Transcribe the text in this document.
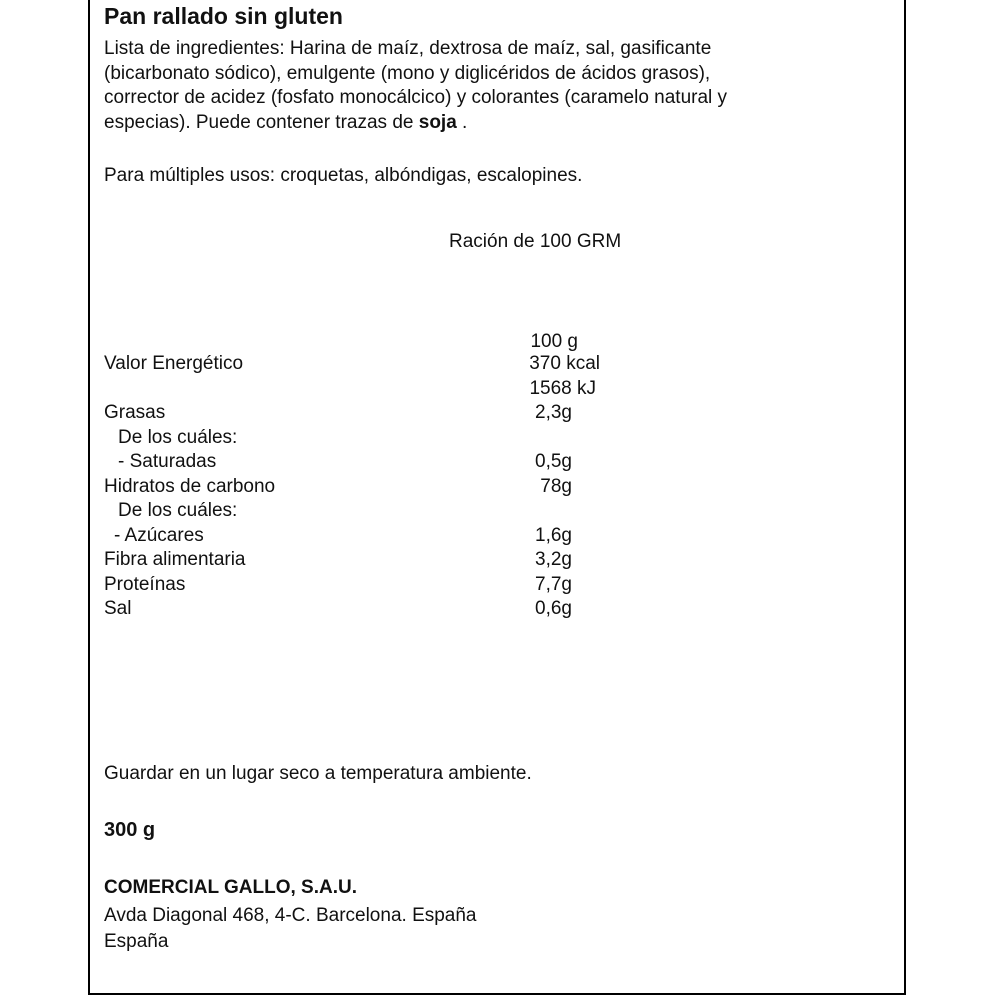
Pan rallado sin gluten
Lista de ingredientes: Harina de maíz, dextrosa de maíz, sal, gasificante
(bicarbonato sódico), emulgente (mono y diglicéridos de ácidos grasos),
corrector de acidez (fosfato monocálcico) y colorantes (caramelo natural y
especias). Puede contener trazas de soja .
Para múltiples usos: croquetas, albóndigas, escalopines.
Ración de 100 GRM
100 g
Valor Energético	370 kcal
1568 kJ
Grasas	2,3g
De los cuáles:
- Saturadas	0,5g
Hidratos de carbono	78g
De los cuáles:
- Azúcares	1,6g
Fibra alimentaria	3,2g
Proteínas	7,7g
Sal	0,6g
Guardar en un lugar seco a temperatura ambiente.
300 g
COMERCIAL GALLO, S.A.U.
Avda Diagonal 468, 4-C. Barcelona. España
España
